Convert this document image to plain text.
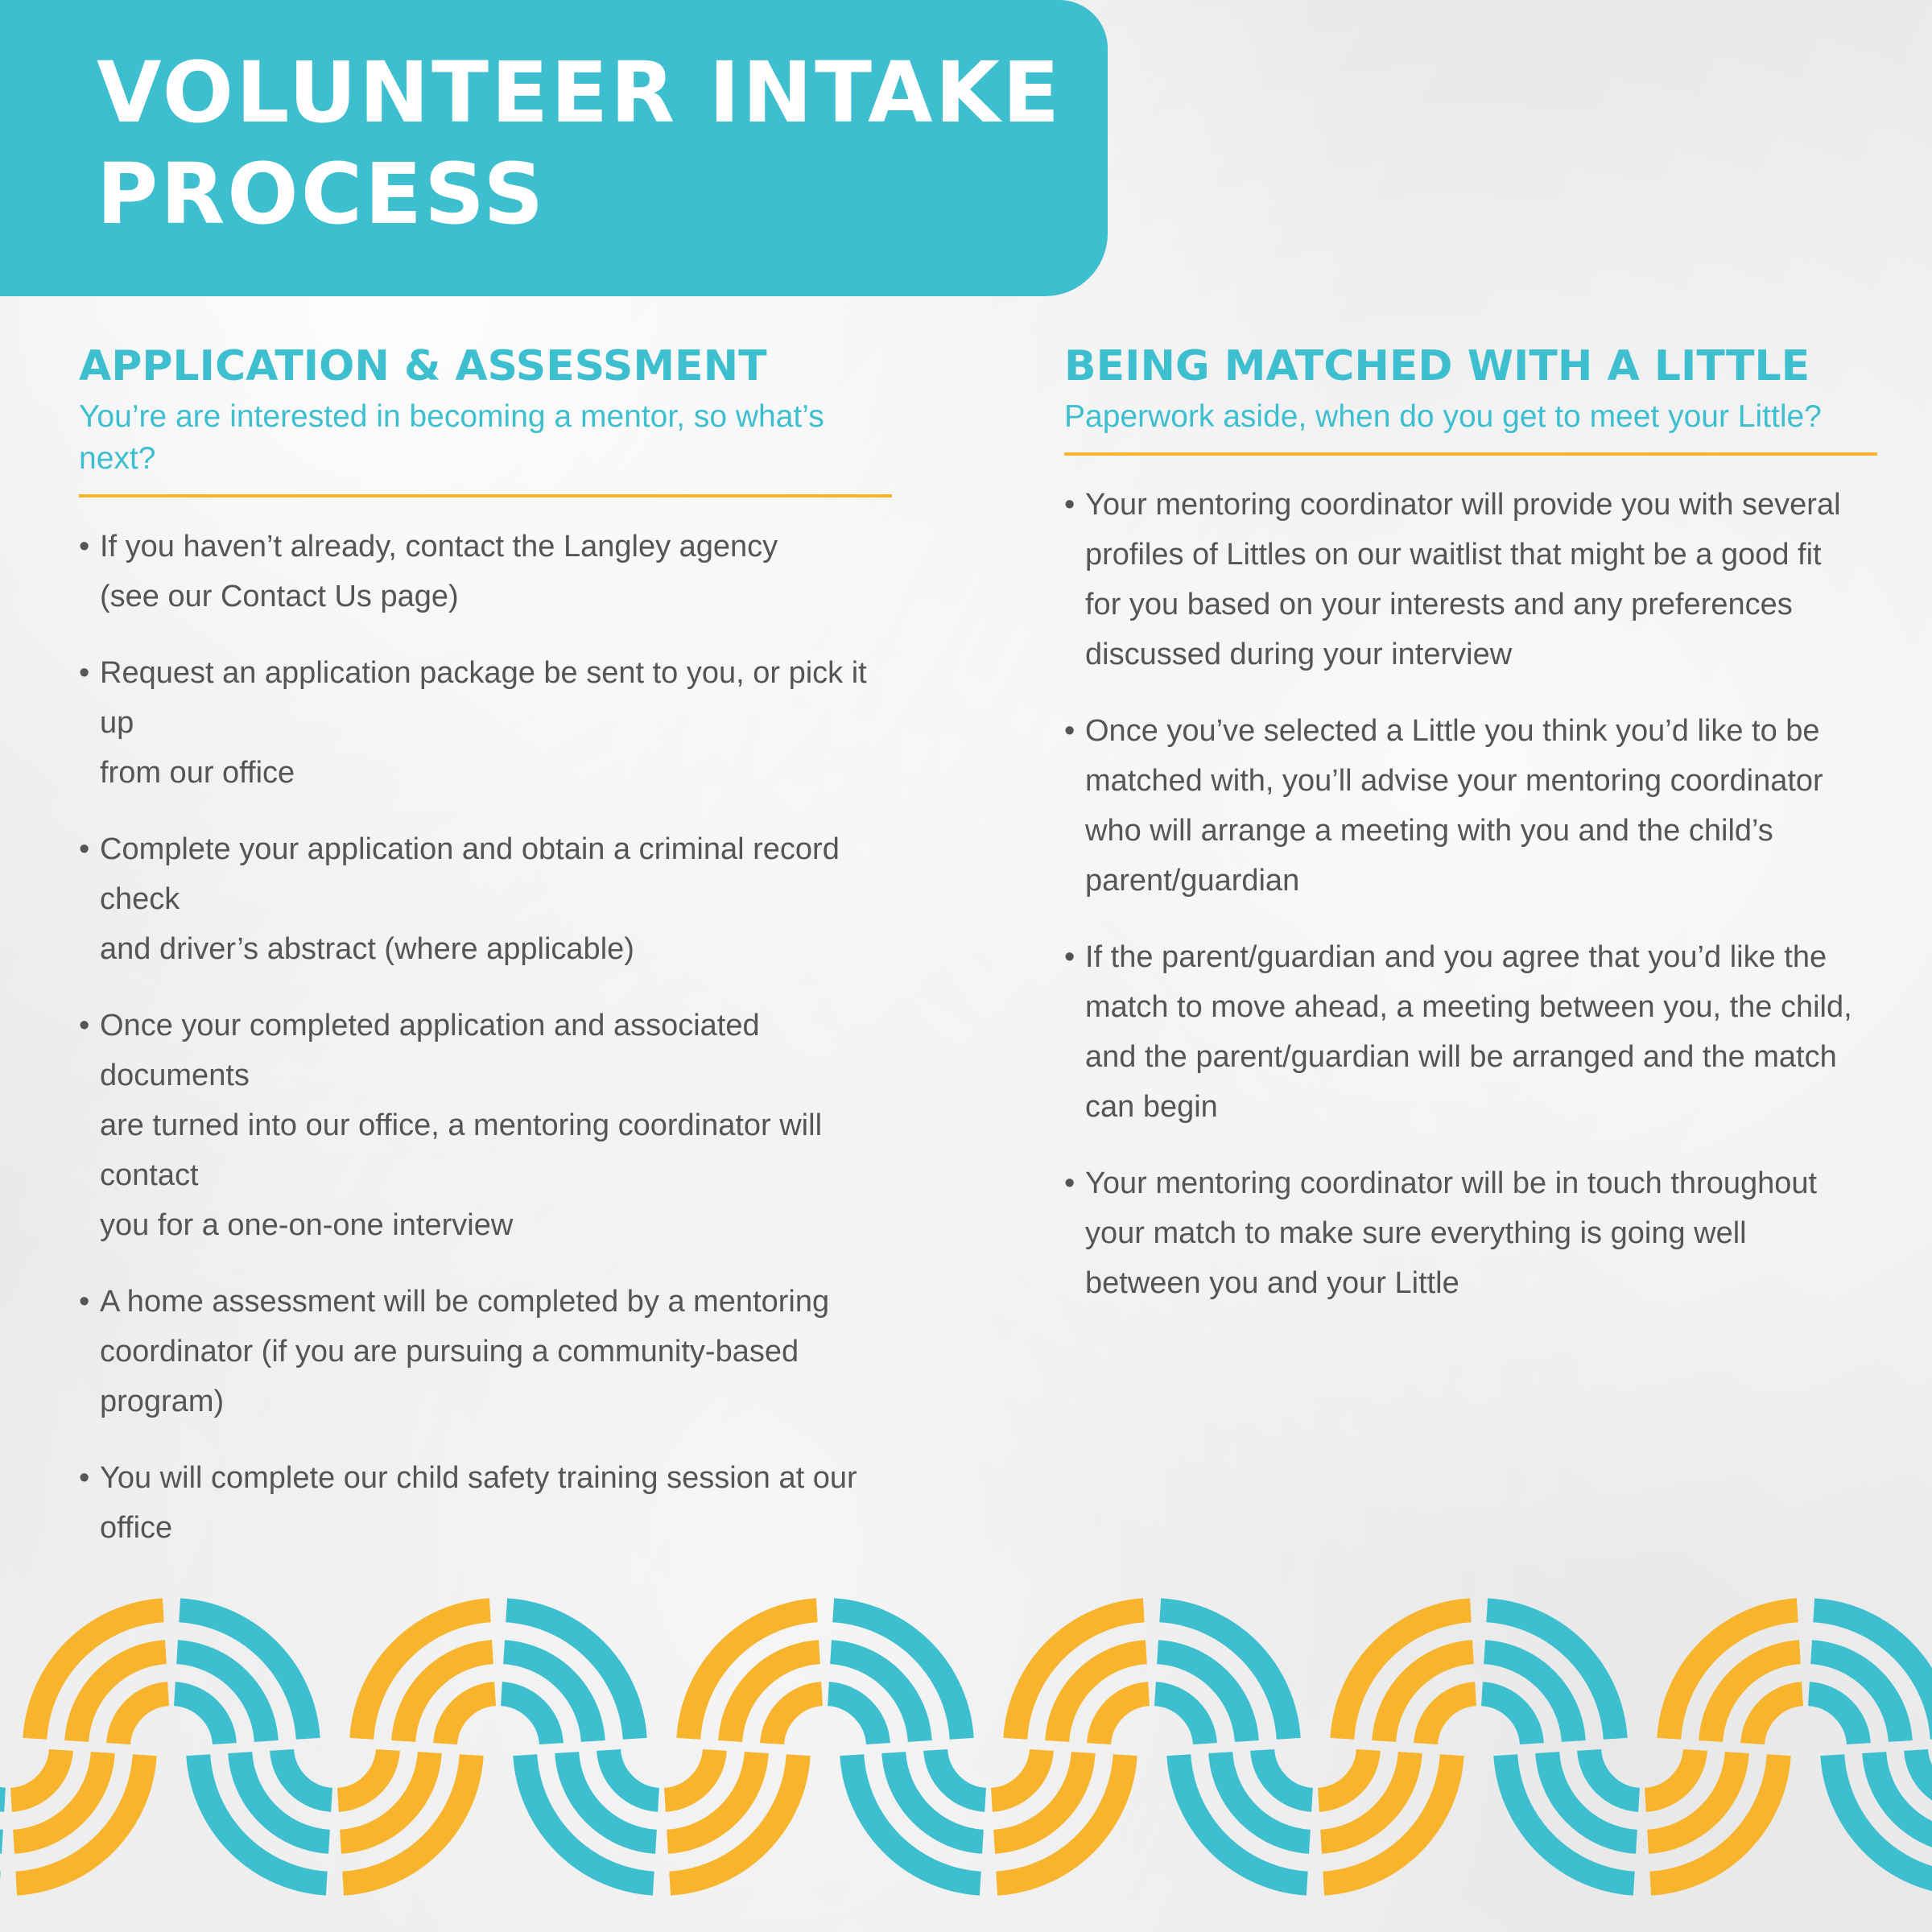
VOLUNTEER INTAKE
PROCESS
APPLICATION & ASSESSMENT

You’re are interested in becoming a mentor, so what’s next?

• If you haven’t already, contact the Langley agency
(see our Contact Us page)
• Request an application package be sent to you, or pick it up
from our office
• Complete your application and obtain a criminal record check
and driver’s abstract (where applicable)
• Once your completed application and associated documents
are turned into our office, a mentoring coordinator will contact
you for a one-on-one interview
• A home assessment will be completed by a mentoring
coordinator (if you are pursuing a community-based program)
• You will complete our child safety training session at our office
BEING MATCHED WITH A LITTLE

Paperwork aside, when do you get to meet your Little?

• Your mentoring coordinator will provide you with several
profiles of Littles on our waitlist that might be a good fit
for you based on your interests and any preferences
discussed during your interview
• Once you’ve selected a Little you think you’d like to be
matched with, you’ll advise your mentoring coordinator
who will arrange a meeting with you and the child’s
parent/guardian
• If the parent/guardian and you agree that you’d like the
match to move ahead, a meeting between you, the child,
and the parent/guardian will be arranged and the match
can begin
• Your mentoring coordinator will be in touch throughout
your match to make sure everything is going well
between you and your Little
